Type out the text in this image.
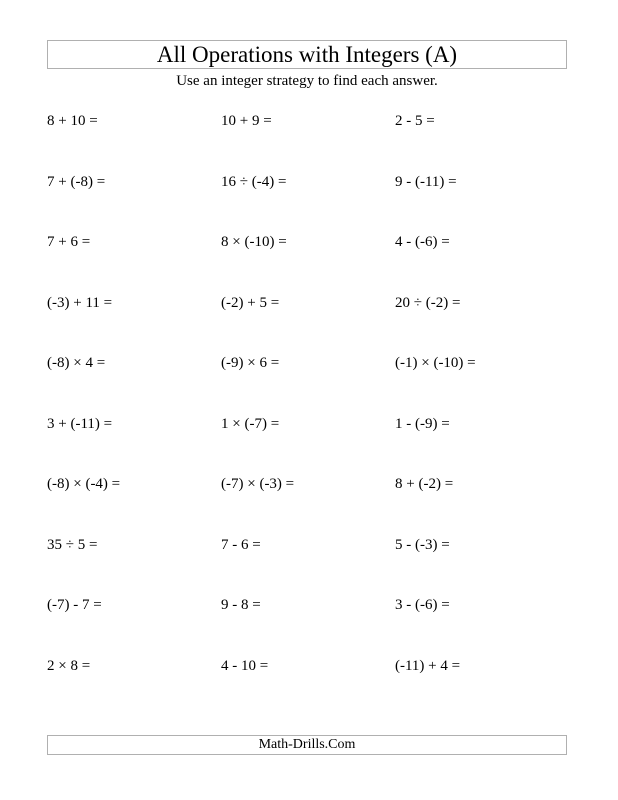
All Operations with Integers (A)
Use an integer strategy to find each answer.
8 + 10 =	10 + 9 =	2 - 5 =
7 + (-8) =	16 ÷ (-4) =	9 - (-11) =
7 + 6 =	8 × (-10) =	4 - (-6) =
(-3) + 11 =	(-2) + 5 =	20 ÷ (-2) =
(-8) × 4 =	(-9) × 6 =	(-1) × (-10) =
3 + (-11) =	1 × (-7) =	1 - (-9) =
(-8) × (-4) =	(-7) × (-3) =	8 + (-2) =
35 ÷ 5 =	7 - 6 =	5 - (-3) =
(-7) - 7 =	9 - 8 =	3 - (-6) =
2 × 8 =	4 - 10 =	(-11) + 4 =
Math-Drills.Com
